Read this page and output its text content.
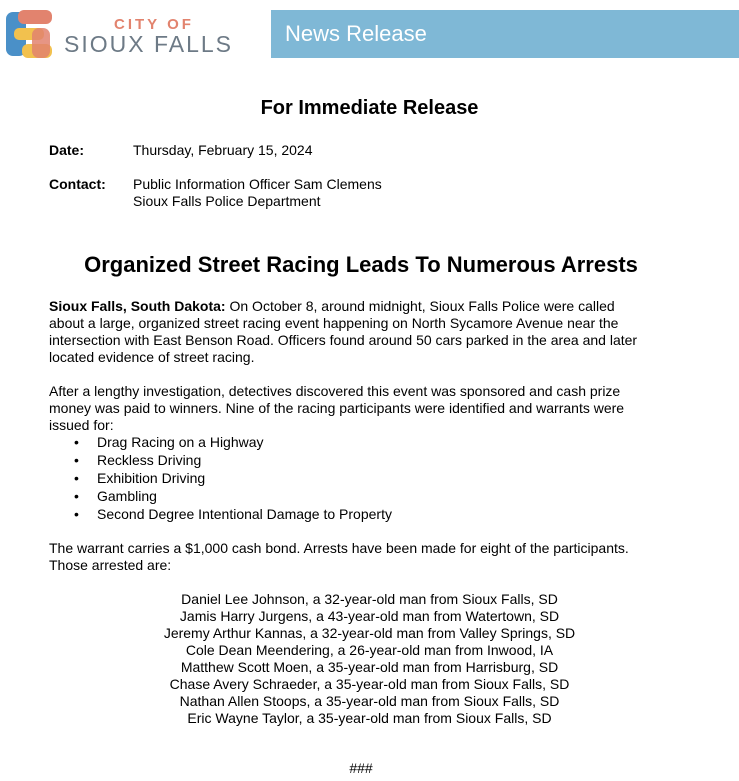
CITY OF
SIOUX FALLS News Release
For Immediate Release
Date:	Thursday, February 15, 2024
Contact: Public Information Officer Sam Clemens
Sioux Falls Police Department
Organized Street Racing Leads To Numerous Arrests
Sioux Falls, South Dakota: On October 8, around midnight, Sioux Falls Police were called
about a large, organized street racing event happening on North Sycamore Avenue near the
intersection with East Benson Road. Officers found around 50 cars parked in the area and later
located evidence of street racing.
After a lengthy investigation, detectives discovered this event was sponsored and cash prize
money was paid to winners. Nine of the racing participants were identified and warrants were
issued for:
• Drag Racing on a Highway
• Reckless Driving
• Exhibition Driving
• Gambling
• Second Degree Intentional Damage to Property
The warrant carries a $1,000 cash bond. Arrests have been made for eight of the participants.
Those arrested are:
Daniel Lee Johnson, a 32-year-old man from Sioux Falls, SD
Jamis Harry Jurgens, a 43-year-old man from Watertown, SD
Jeremy Arthur Kannas, a 32-year-old man from Valley Springs, SD
Cole Dean Meendering, a 26-year-old man from Inwood, IA
Matthew Scott Moen, a 35-year-old man from Harrisburg, SD
Chase Avery Schraeder, a 35-year-old man from Sioux Falls, SD
Nathan Allen Stoops, a 35-year-old man from Sioux Falls, SD
Eric Wayne Taylor, a 35-year-old man from Sioux Falls, SD
###
